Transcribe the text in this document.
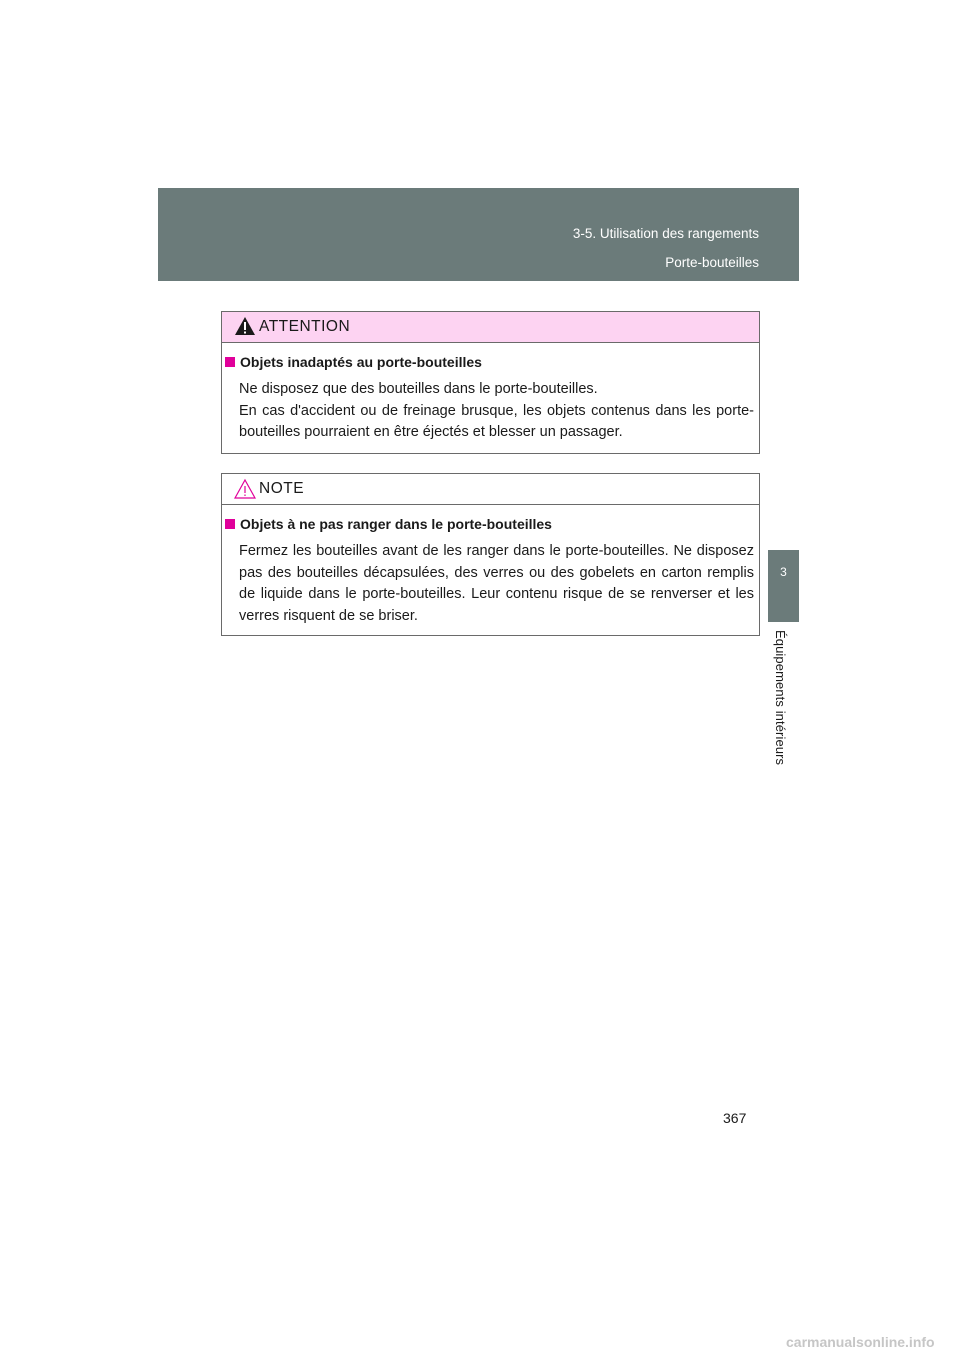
3-5. Utilisation des rangements
Porte-bouteilles
3
Équipements intérieurs
ATTENTION
Objets inadaptés au porte-bouteilles

Ne disposez que des bouteilles dans le porte-bouteilles.

En cas d'accident ou de freinage brusque, les objets contenus dans les porte-bouteilles pourraient en être éjectés et blesser un passager.

NOTE
Objets à ne pas ranger dans le porte-bouteilles

Fermez les bouteilles avant de les ranger dans le porte-bouteilles. Ne disposez pas des bouteilles décapsulées, des verres ou des gobelets en carton remplis de liquide dans le porte-bouteilles. Leur contenu risque de se renverser et les verres risquent de se briser.

367
carmanualsonline.info
